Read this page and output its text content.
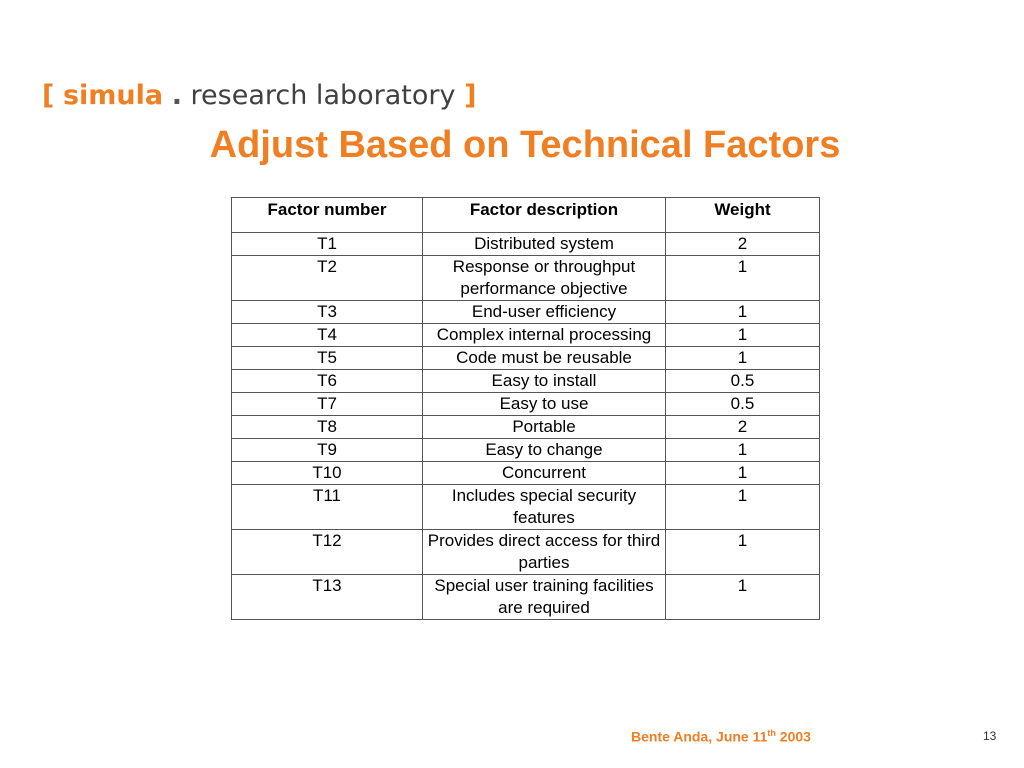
[ simula . research laboratory ]
Adjust Based on Technical Factors
Factor number	Factor description	Weight

T1	Distributed system	2
T2	Response or throughput performance objective	1
T3	End-user efficiency	1
T4	Complex internal processing	1
T5	Code must be reusable	1
T6	Easy to install	0.5
T7	Easy to use	0.5
T8	Portable	2
T9	Easy to change	1
T10	Concurrent	1
T11	Includes special security features	1
T12	Provides direct access for third parties	1
T13	Special user training facilities are required	1
Bente Anda, June 11th 2003	13
